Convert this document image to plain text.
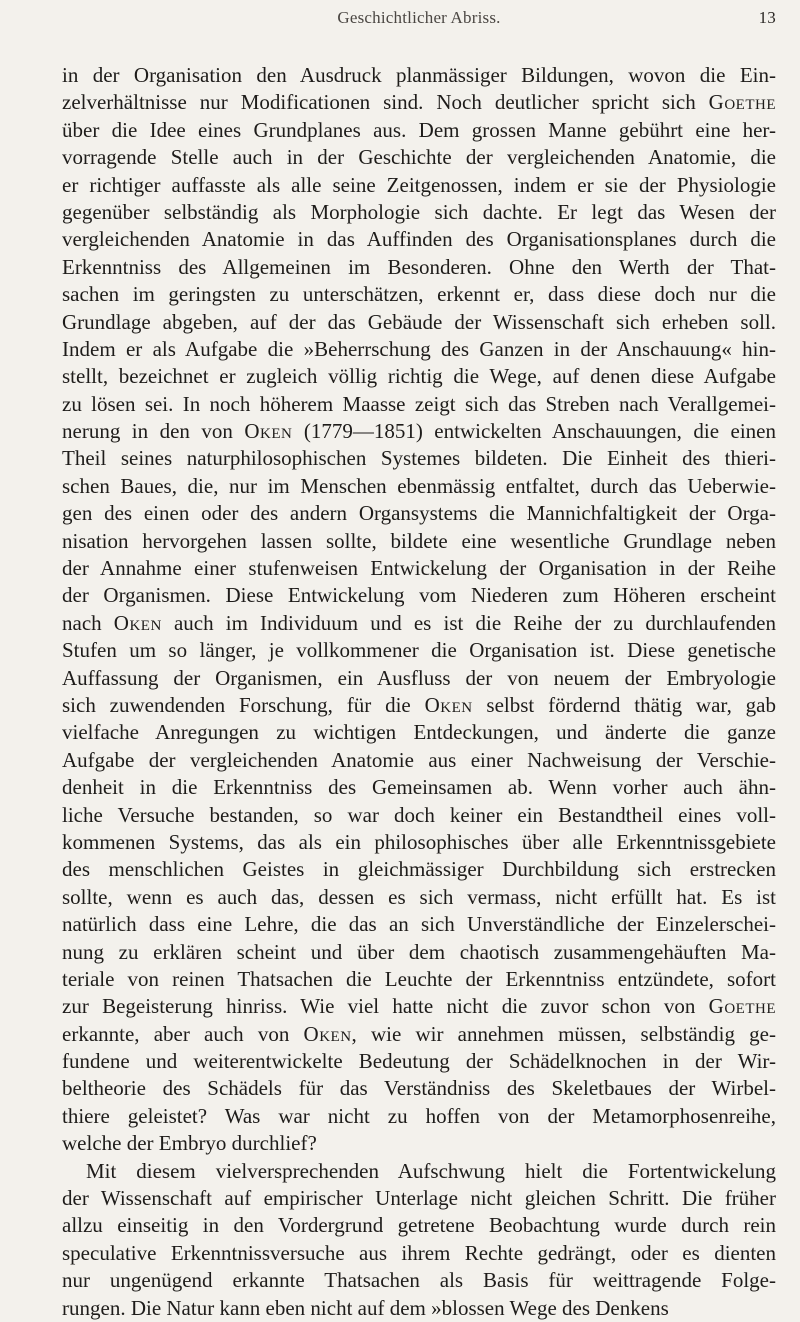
Geschichtlicher Abriss.	13
in der Organisation den Ausdruck planmässiger Bildungen, wovon die Ein-
zelverhältnisse nur Modificationen sind. Noch deutlicher spricht sich Goethe
über die Idee eines Grundplanes aus. Dem grossen Manne gebührt eine her-
vorragende Stelle auch in der Geschichte der vergleichenden Anatomie, die
er richtiger auffasste als alle seine Zeitgenossen, indem er sie der Physiologie
gegenüber selbständig als Morphologie sich dachte. Er legt das Wesen der
vergleichenden Anatomie in das Auffinden des Organisationsplanes durch die
Erkenntniss des Allgemeinen im Besonderen. Ohne den Werth der That-
sachen im geringsten zu unterschätzen, erkennt er, dass diese doch nur die
Grundlage abgeben, auf der das Gebäude der Wissenschaft sich erheben soll.
Indem er als Aufgabe die »Beherrschung des Ganzen in der Anschauung« hin-
stellt, bezeichnet er zugleich völlig richtig die Wege, auf denen diese Aufgabe
zu lösen sei. In noch höherem Maasse zeigt sich das Streben nach Verallgemei-
nerung in den von Oken (1779—1851) entwickelten Anschauungen, die einen
Theil seines naturphilosophischen Systemes bildeten. Die Einheit des thieri-
schen Baues, die, nur im Menschen ebenmässig entfaltet, durch das Ueberwie-
gen des einen oder des andern Organsystems die Mannichfaltigkeit der Orga-
nisation hervorgehen lassen sollte, bildete eine wesentliche Grundlage neben
der Annahme einer stufenweisen Entwickelung der Organisation in der Reihe
der Organismen. Diese Entwickelung vom Niederen zum Höheren erscheint
nach Oken auch im Individuum und es ist die Reihe der zu durchlaufenden
Stufen um so länger, je vollkommener die Organisation ist. Diese genetische
Auffassung der Organismen, ein Ausfluss der von neuem der Embryologie
sich zuwendenden Forschung, für die Oken selbst fördernd thätig war, gab
vielfache Anregungen zu wichtigen Entdeckungen, und änderte die ganze
Aufgabe der vergleichenden Anatomie aus einer Nachweisung der Verschie-
denheit in die Erkenntniss des Gemeinsamen ab. Wenn vorher auch ähn-
liche Versuche bestanden, so war doch keiner ein Bestandtheil eines voll-
kommenen Systems, das als ein philosophisches über alle Erkenntnissgebiete
des menschlichen Geistes in gleichmässiger Durchbildung sich erstrecken
sollte, wenn es auch das, dessen es sich vermass, nicht erfüllt hat. Es ist
natürlich dass eine Lehre, die das an sich Unverständliche der Einzelerschei-
nung zu erklären scheint und über dem chaotisch zusammengehäuften Ma-
teriale von reinen Thatsachen die Leuchte der Erkenntniss entzündete, sofort
zur Begeisterung hinriss. Wie viel hatte nicht die zuvor schon von Goethe
erkannte, aber auch von Oken, wie wir annehmen müssen, selbständig ge-
fundene und weiterentwickelte Bedeutung der Schädelknochen in der Wir-
beltheorie des Schädels für das Verständniss des Skeletbaues der Wirbel-
thiere geleistet? Was war nicht zu hoffen von der Metamorphosenreihe,
welche der Embryo durchlief?
Mit diesem vielversprechenden Aufschwung hielt die Fortentwickelung
der Wissenschaft auf empirischer Unterlage nicht gleichen Schritt. Die früher
allzu einseitig in den Vordergrund getretene Beobachtung wurde durch rein
speculative Erkenntnissversuche aus ihrem Rechte gedrängt, oder es dienten
nur ungenügend erkannte Thatsachen als Basis für weittragende Folge-
rungen. Die Natur kann eben nicht auf dem »blossen Wege des Denkens
